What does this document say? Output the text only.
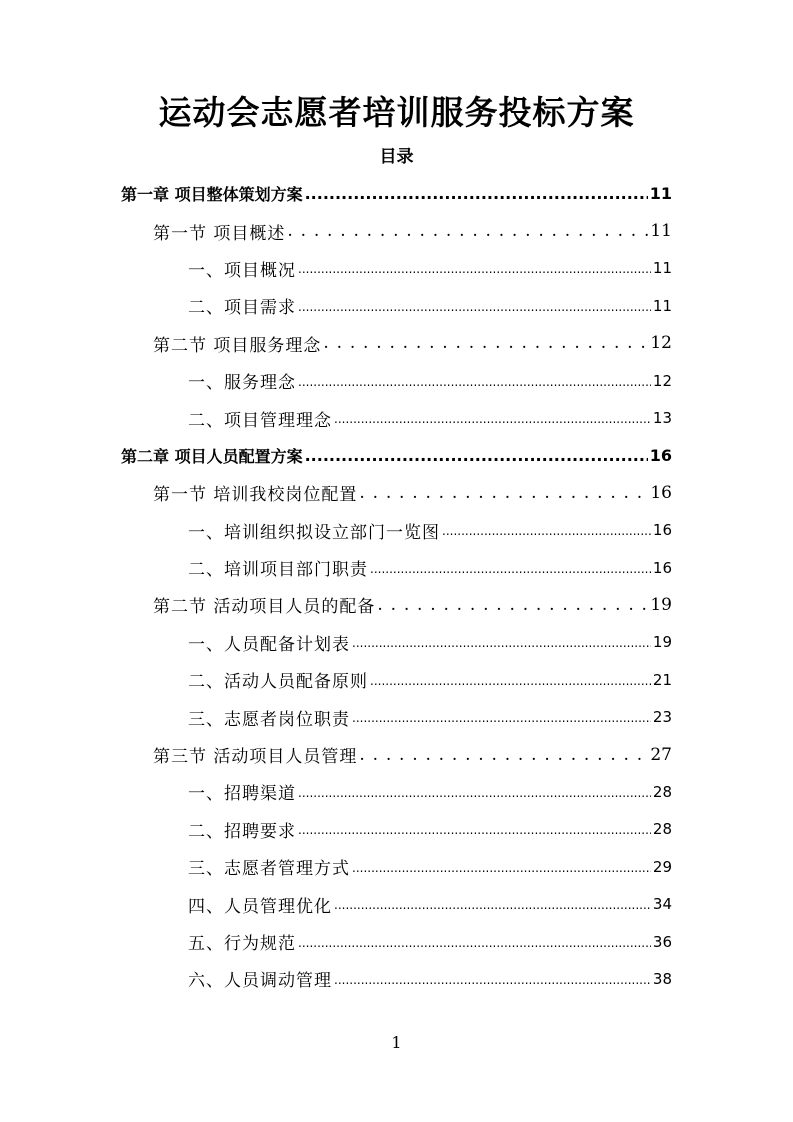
运动会志愿者培训服务投标方案
目录
第一章 项目整体策划方案 .....	11
第一节 项目概述 . . .	11
一、项目概况 .....	11
二、项目需求 .....	11
第二节 项目服务理念 . . .	12
一、服务理念 .....	12
二、项目管理理念 .....	13
第二章 项目人员配置方案 .....	16
第一节 培训我校岗位配置 . . .	16
一、培训组织拟设立部门一览图 .....	16
二、培训项目部门职责 .....	16
第二节 活动项目人员的配备 . . .	19
一、人员配备计划表 .....	19
二、活动人员配备原则 .....	21
三、志愿者岗位职责 .....	23
第三节 活动项目人员管理 . . .	27
一、招聘渠道 .....	28
二、招聘要求 .....	28
三、志愿者管理方式 .....	29
四、人员管理优化 .....	34
五、行为规范 .....	36
六、人员调动管理 .....	38
1
